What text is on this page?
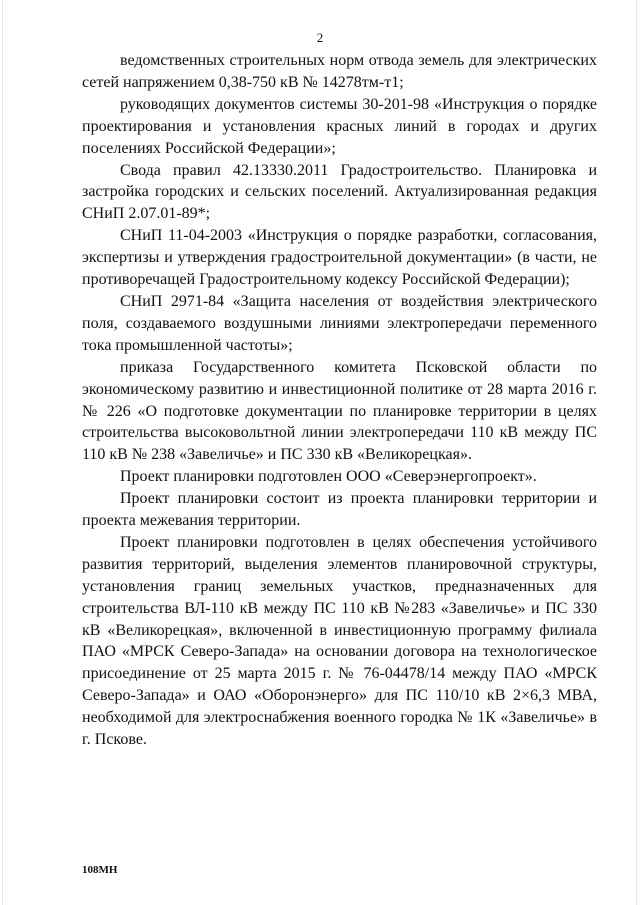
2

ведомственных строительных норм отвода земель для электрических сетей напряжением 0,38-750 кВ № 14278тм-т1;

руководящих документов системы 30-201-98 «Инструкция о порядке проектирования и установления красных линий в городах и других поселениях Российской Федерации»;

Свода правил 42.13330.2011 Градостроительство. Планировка и застройка городских и сельских поселений. Актуализированная редакция СНиП 2.07.01-89*;

СНиП 11-04-2003 «Инструкция о порядке разработки, согласования, экспертизы и утверждения градостроительной документации» (в части, не противоречащей Градостроительному кодексу Российской Федерации);

СНиП 2971-84 «Защита населения от воздействия электрического поля, создаваемого воздушными линиями электропередачи переменного тока промышленной частоты»;

приказа Государственного комитета Псковской области по экономическому развитию и инвестиционной политике от 28 марта 2016 г. № 226 «О подготовке документации по планировке территории в целях строительства высоковольтной линии электропередачи 110 кВ между ПС 110 кВ № 238 «Завеличье» и ПС 330 кВ «Великорецкая».

Проект планировки подготовлен ООО «Северэнергопроект».

Проект планировки состоит из проекта планировки территории и проекта межевания территории.

Проект планировки подготовлен в целях обеспечения устойчивого развития территорий, выделения элементов планировочной структуры, установления границ земельных участков, предназначенных для строительства ВЛ-110 кВ между ПС 110 кВ №283 «Завеличье» и ПС 330 кВ «Великорецкая», включенной в инвестиционную программу филиала ПАО «МРСК Северо-Запада» на основании договора на технологическое присоединение от 25 марта 2015 г. № 76-04478/14 между ПАО «МРСК Северо-Запада» и ОАО «Оборонэнерго» для ПС 110/10 кВ 2×6,3 МВА, необходимой для электроснабжения военного городка № 1К «Завеличье» в г. Пскове.

108МН
